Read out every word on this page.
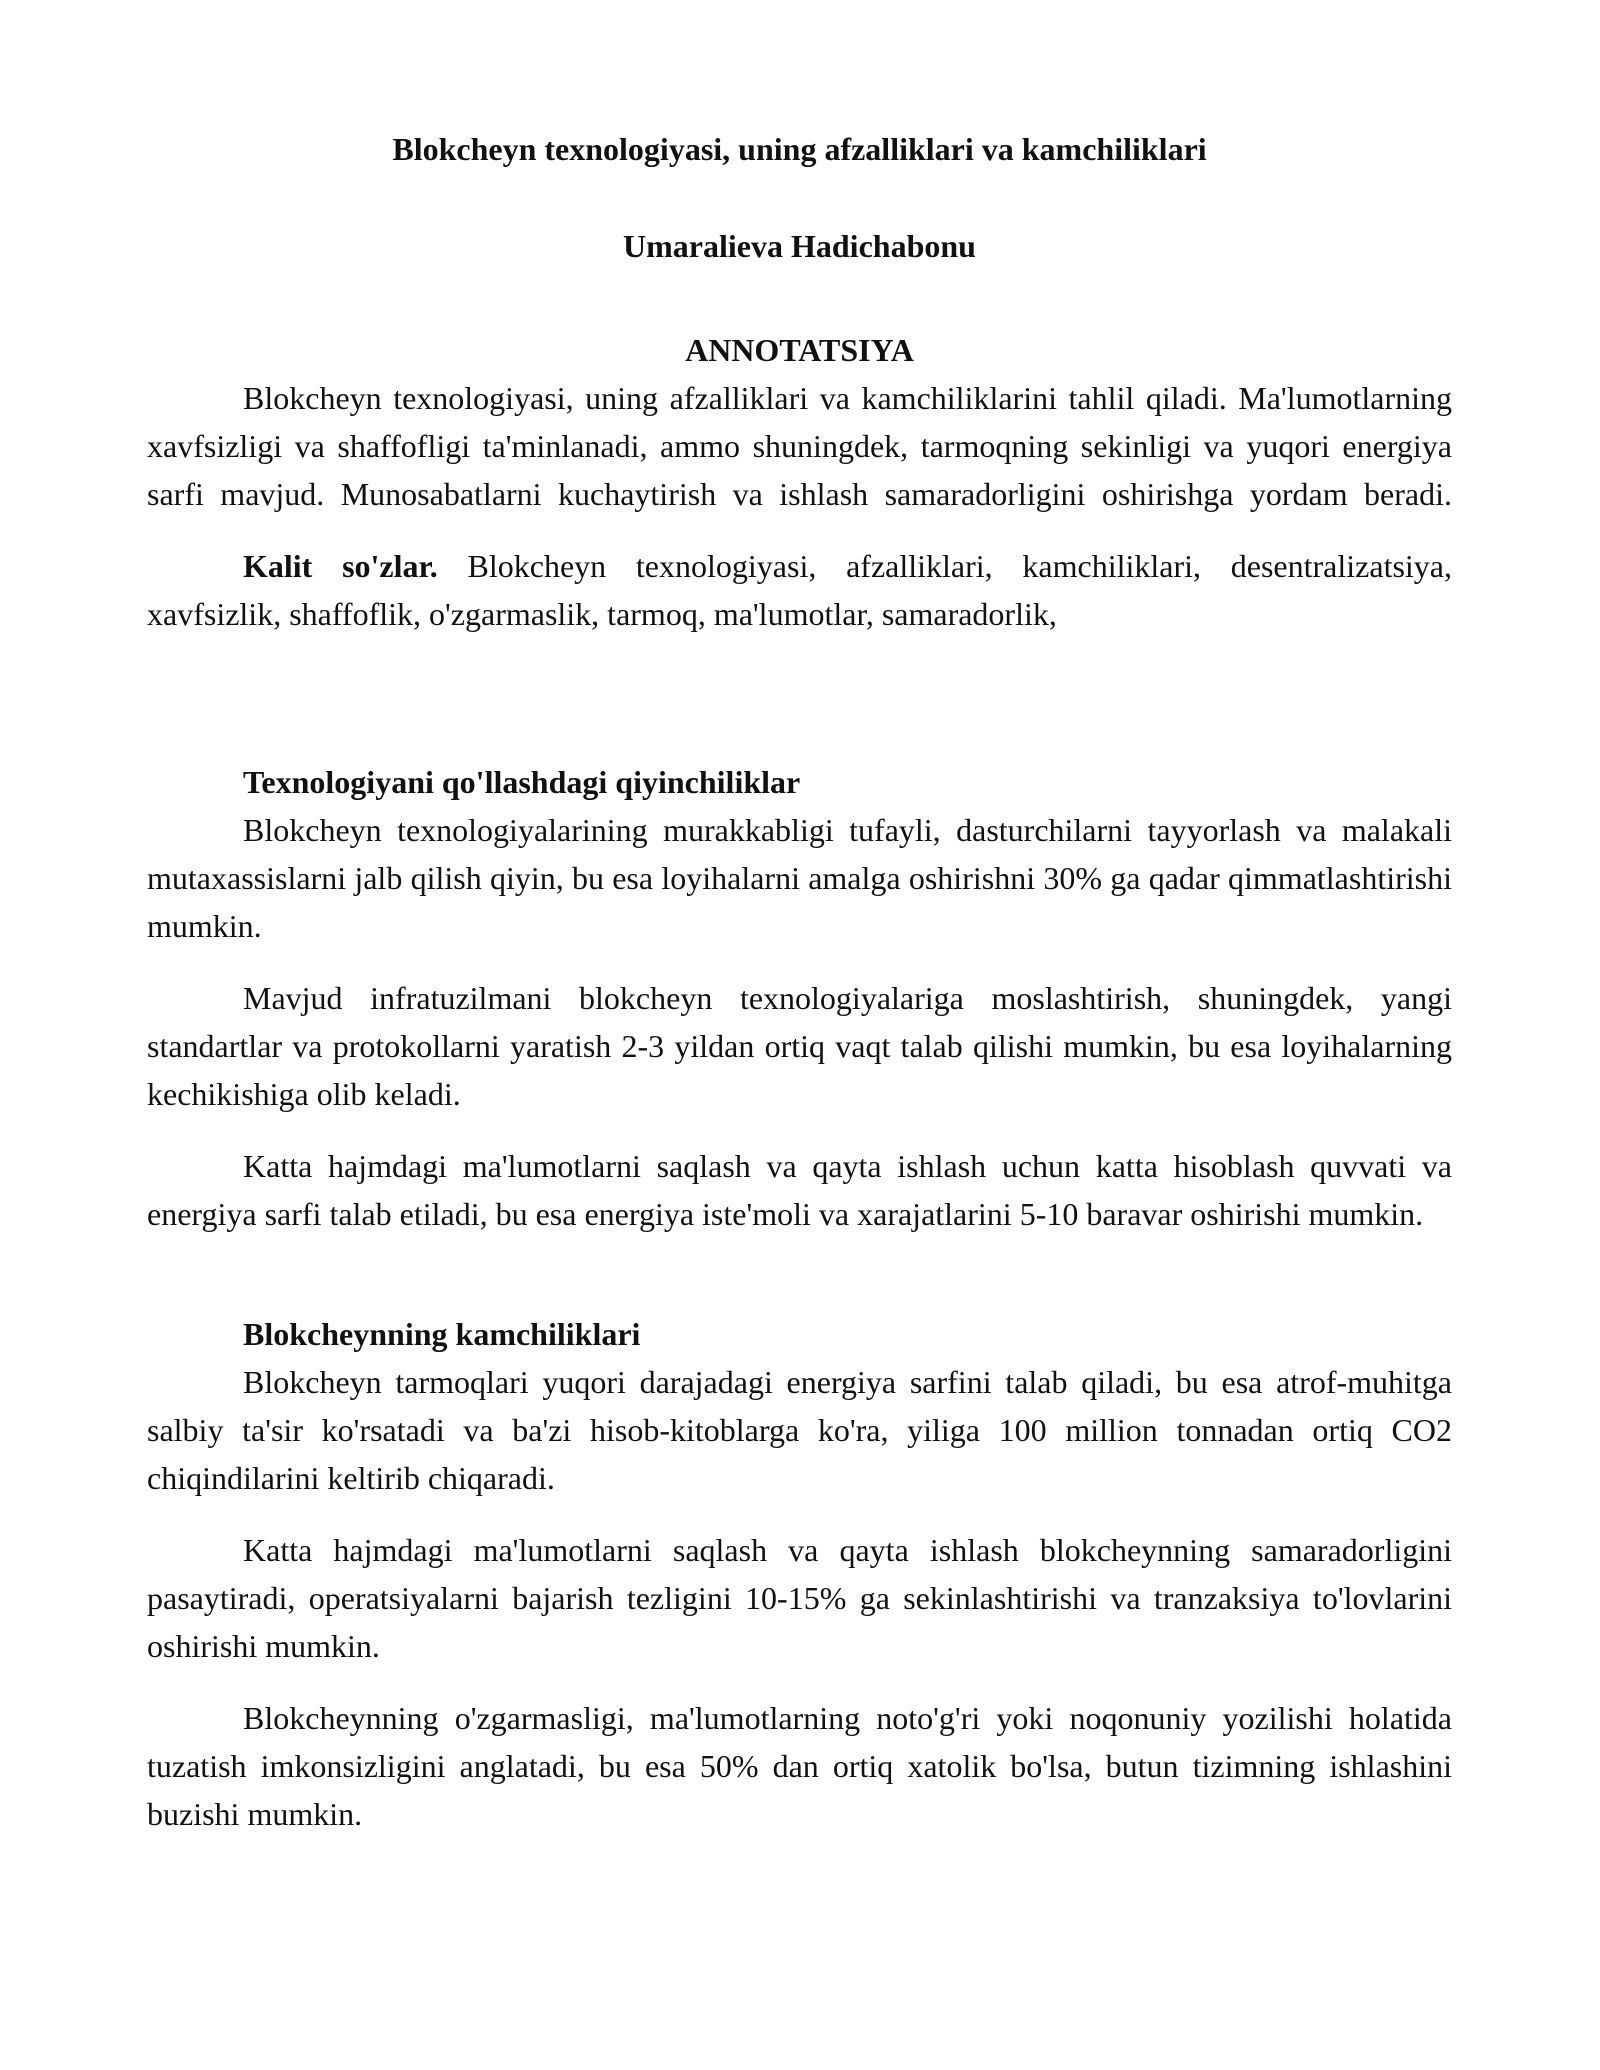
Blokcheyn texnologiyasi, uning afzalliklari va kamchiliklari
Umaralieva Hadichabonu
ANNOTATSIYA

Blokcheyn texnologiyasi, uning afzalliklari va kamchiliklarini tahlil qiladi. Ma'lumotlarning xavfsizligi va shaffofligi ta'minlanadi, ammo shuningdek, tarmoqning sekinligi va yuqori energiya sarfi mavjud. Munosabatlarni kuchaytirish va ishlash samaradorligini oshirishga yordam beradi.

Kalit so'zlar. Blokcheyn texnologiyasi, afzalliklari, kamchiliklari, desentralizatsiya, xavfsizlik, shaffoflik, o'zgarmaslik, tarmoq, ma'lumotlar, samaradorlik,

Texnologiyani qo'llashdagi qiyinchiliklar

Blokcheyn texnologiyalarining murakkabligi tufayli, dasturchilarni tayyorlash va malakali mutaxassislarni jalb qilish qiyin, bu esa loyihalarni amalga oshirishni 30% ga qadar qimmatlashtirishi mumkin.

Mavjud infratuzilmani blokcheyn texnologiyalariga moslashtirish, shuningdek, yangi standartlar va protokollarni yaratish 2-3 yildan ortiq vaqt talab qilishi mumkin, bu esa loyihalarning kechikishiga olib keladi.

Katta hajmdagi ma'lumotlarni saqlash va qayta ishlash uchun katta hisoblash quvvati va energiya sarfi talab etiladi, bu esa energiya iste'moli va xarajatlarini 5-10 baravar oshirishi mumkin.

Blokcheynning kamchiliklari

Blokcheyn tarmoqlari yuqori darajadagi energiya sarfini talab qiladi, bu esa atrof-muhitga salbiy ta'sir ko'rsatadi va ba'zi hisob-kitoblarga ko'ra, yiliga 100 million tonnadan ortiq CO2 chiqindilarini keltirib chiqaradi.

Katta hajmdagi ma'lumotlarni saqlash va qayta ishlash blokcheynning samaradorligini pasaytiradi, operatsiyalarni bajarish tezligini 10-15% ga sekinlashtirishi va tranzaksiya to'lovlarini oshirishi mumkin.

Blokcheynning o'zgarmasligi, ma'lumotlarning noto'g'ri yoki noqonuniy yozilishi holatida tuzatish imkonsizligini anglatadi, bu esa 50% dan ortiq xatolik bo'lsa, butun tizimning ishlashini buzishi mumkin.
